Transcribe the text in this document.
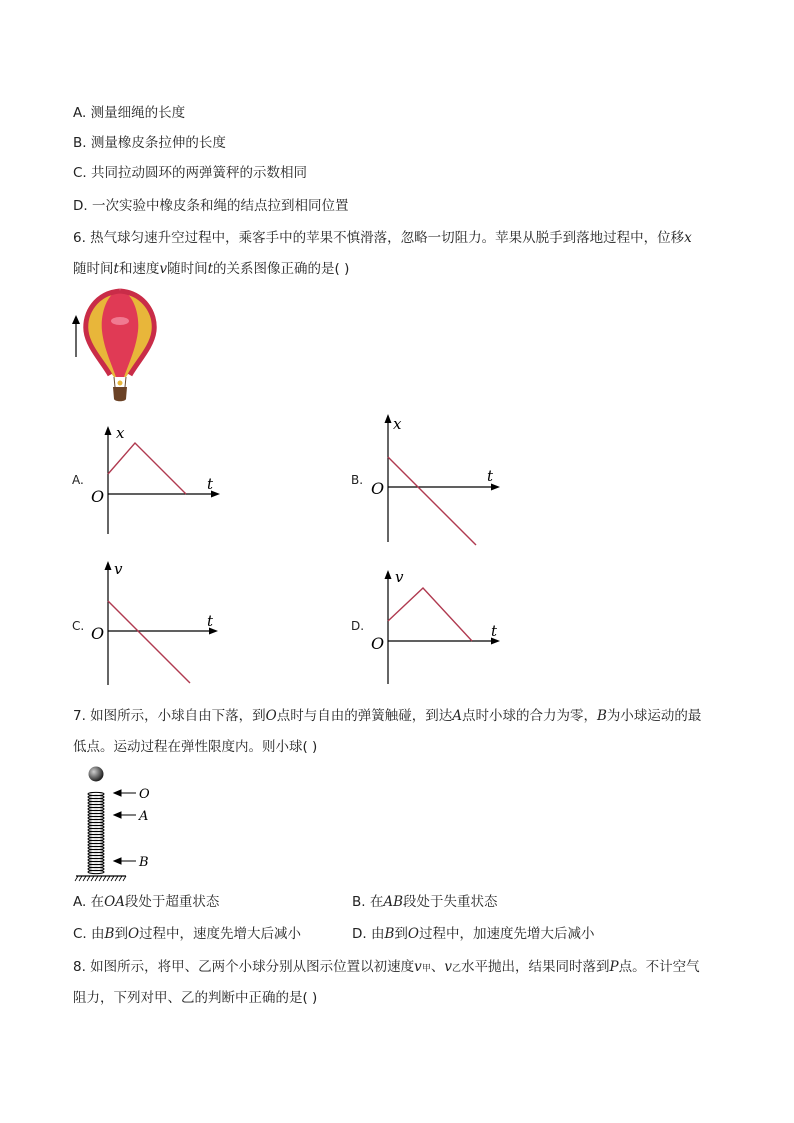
A. 测量细绳的长度
B. 测量橡皮条拉伸的长度
C. 共同拉动圆环的两弹簧秤的示数相同
D. 一次实验中橡皮条和绳的结点拉到相同位置
6. 热气球匀速升空过程中，乘客手中的苹果不慎滑落，忽略一切阻力。苹果从脱手到落地过程中，位移x
随时间t和速度v随时间t的关系图像正确的是( )
A.
x
t
O
B.
x
t
O
C.
v
t
O	D.
v
t
O
7. 如图所示，小球自由下落，到O点时与自由的弹簧触碰，到达A点时小球的合力为零，B为小球运动的最
低点。运动过程在弹性限度内。则小球( )
O
A
B
A. 在OA段处于超重状态	B. 在AB段处于失重状态
C. 由B到O过程中，速度先增大后减小	D. 由B到O过程中，加速度先增大后减小
8. 如图所示，将甲、乙两个小球分别从图示位置以初速度v甲、v乙水平抛出，结果同时落到P点。不计空气
阻力，下列对甲、乙的判断中正确的是( )
